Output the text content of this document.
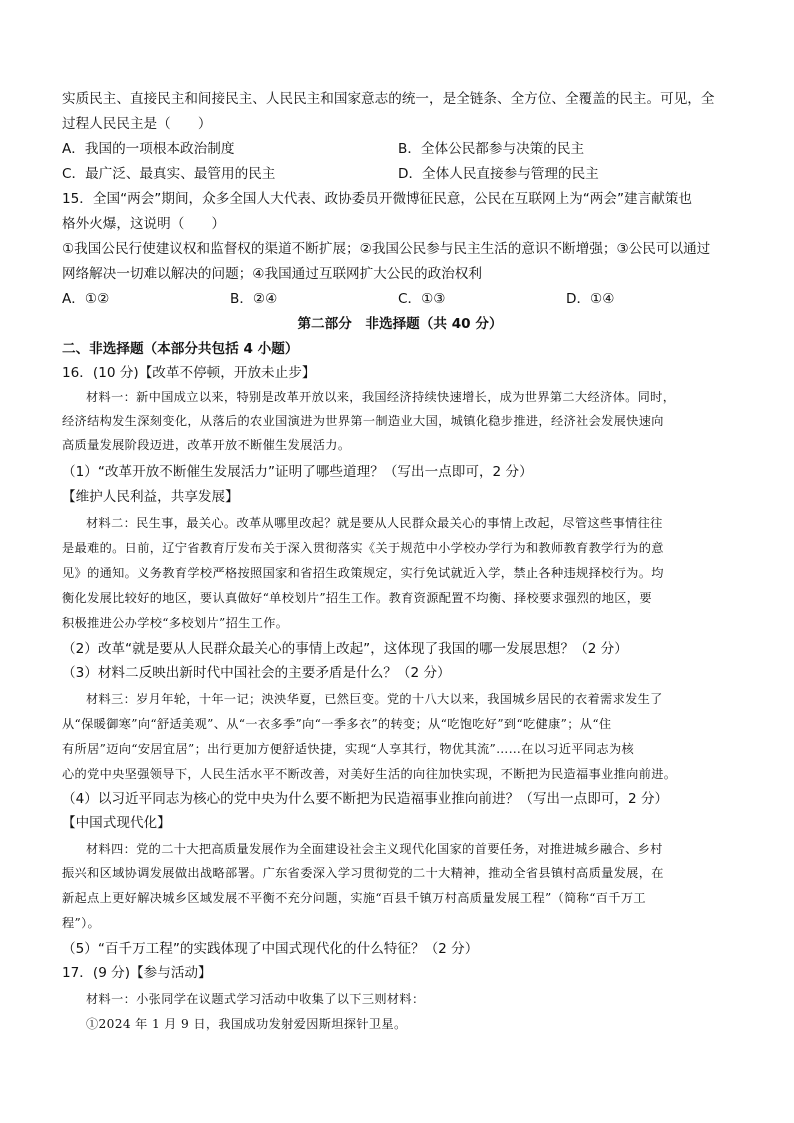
实质民主、直接民主和间接民主、人民民主和国家意志的统一，是全链条、全方位、全覆盖的民主。可见，全
过程人民民主是（　　）
A．我国的一项根本政治制度	B．全体公民都参与决策的民主
C．最广泛、最真实、最管用的民主	D．全体人民直接参与管理的民主
15．全国“两会”期间，众多全国人大代表、政协委员开微博征民意，公民在互联网上为“两会”建言献策也
格外火爆，这说明（　　）
①我国公民行使建议权和监督权的渠道不断扩展；②我国公民参与民主生活的意识不断增强；③公民可以通过
网络解决一切难以解决的问题；④我国通过互联网扩大公民的政治权利
A．①②	B．②④	C．①③	D．①④
第二部分　非选择题（共 40 分）
二、非选择题（本部分共包括 4 小题）
16．(10 分)【改革不停顿，开放未止步】
材料一：新中国成立以来，特别是改革开放以来，我国经济持续快速增长，成为世界第二大经济体。同时，
经济结构发生深刻变化，从落后的农业国演进为世界第一制造业大国，城镇化稳步推进，经济社会发展快速向
高质量发展阶段迈进，改革开放不断催生发展活力。
（1）“改革开放不断催生发展活力”证明了哪些道理？（写出一点即可，2 分）
【维护人民利益，共享发展】
材料二：民生事，最关心。改革从哪里改起？就是要从人民群众最关心的事情上改起，尽管这些事情往往
是最难的。日前，辽宁省教育厅发布关于深入贯彻落实《关于规范中小学校办学行为和教师教育教学行为的意
见》的通知。义务教育学校严格按照国家和省招生政策规定，实行免试就近入学，禁止各种违规择校行为。均
衡化发展比较好的地区，要认真做好“单校划片”招生工作。教育资源配置不均衡、择校要求强烈的地区，要
积极推进公办学校“多校划片”招生工作。
（2）改革“就是要从人民群众最关心的事情上改起”，这体现了我国的哪一发展思想？（2 分）
（3）材料二反映出新时代中国社会的主要矛盾是什么？（2 分）
材料三：岁月年轮，十年一记；泱泱华夏，已然巨变。党的十八大以来，我国城乡居民的衣着需求发生了
从“保暖御寒”向“舒适美观”、从“一衣多季”向“一季多衣”的转变；从“吃饱吃好”到“吃健康”；从“住
有所居”迈向“安居宜居”；出行更加方便舒适快捷，实现“人享其行，物优其流”……在以习近平同志为核
心的党中央坚强领导下，人民生活水平不断改善，对美好生活的向往加快实现，不断把为民造福事业推向前进。
（4）以习近平同志为核心的党中央为什么要不断把为民造福事业推向前进？（写出一点即可，2 分）
【中国式现代化】
材料四：党的二十大把高质量发展作为全面建设社会主义现代化国家的首要任务，对推进城乡融合、乡村
振兴和区域协调发展做出战略部署。广东省委深入学习贯彻党的二十大精神，推动全省县镇村高质量发展，在
新起点上更好解决城乡区域发展不平衡不充分问题，实施“百县千镇万村高质量发展工程”（简称“百千万工
程”）。
（5）“百千万工程”的实践体现了中国式现代化的什么特征？（2 分）
17．(9 分)【参与活动】
材料一：小张同学在议题式学习活动中收集了以下三则材料：
①2024 年 1 月 9 日，我国成功发射爱因斯坦探针卫星。
